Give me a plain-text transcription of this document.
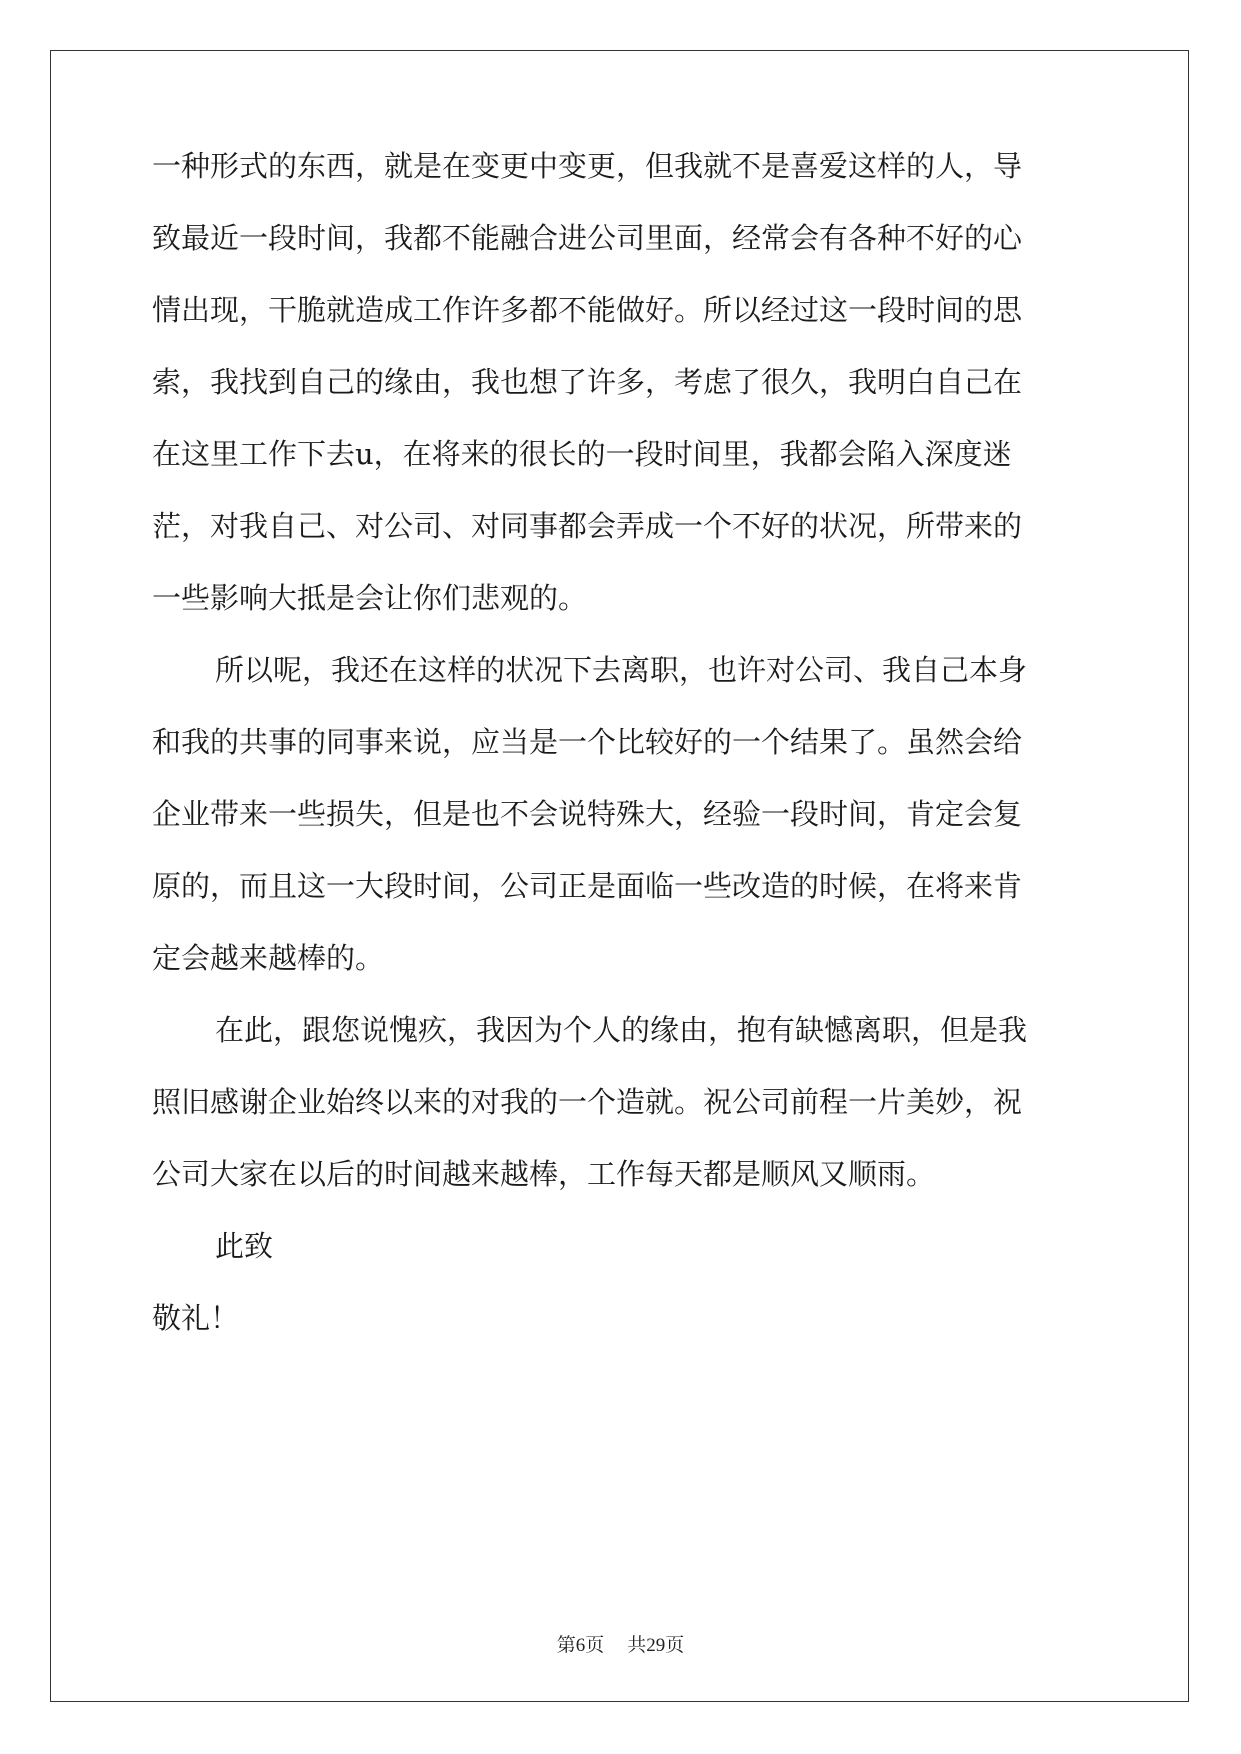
一种形式的东西，就是在变更中变更，但我就不是喜爱这样的人，导
致最近一段时间，我都不能融合进公司里面，经常会有各种不好的心
情出现，干脆就造成工作许多都不能做好。所以经过这一段时间的思
索，我找到自己的缘由，我也想了许多，考虑了很久，我明白自己在
在这里工作下去u，在将来的很长的一段时间里，我都会陷入深度迷
茫，对我自己、对公司、对同事都会弄成一个不好的状况，所带来的
一些影响大抵是会让你们悲观的。
所以呢，我还在这样的状况下去离职，也许对公司、我自己本身
和我的共事的同事来说，应当是一个比较好的一个结果了。虽然会给
企业带来一些损失，但是也不会说特殊大，经验一段时间，肯定会复
原的，而且这一大段时间，公司正是面临一些改造的时候，在将来肯
定会越来越棒的。
在此，跟您说愧疚，我因为个人的缘由，抱有缺憾离职，但是我
照旧感谢企业始终以来的对我的一个造就。祝公司前程一片美妙，祝
公司大家在以后的时间越来越棒，工作每天都是顺风又顺雨。
此致
敬礼！
第6页 共29页
